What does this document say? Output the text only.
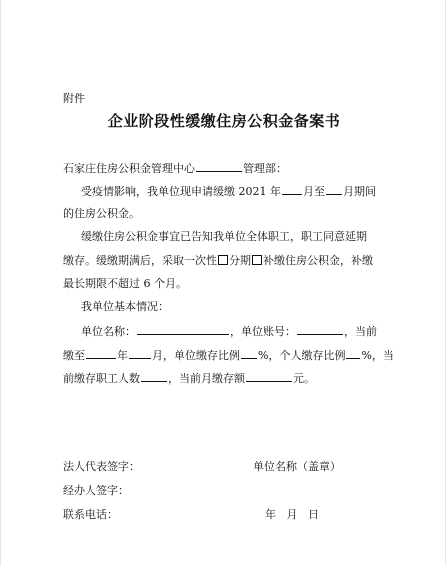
附件
企业阶段性缓缴住房公积金备案书
石家庄住房公积金管理中心	管理部：
受疫情影响，我单位现申请缓缴 2021 年 月至 月期间
的住房公积金。
缓缴住房公积金事宜已告知我单位全体职工，职工同意延期
缴存。缓缴期满后，采取一次性 分期 补缴住房公积金，补缴
最长期限不超过 6 个月。
我单位基本情况：
单位名称：	，单位账号：	，当前
缴至	年 月，单位缴存比例 %，个人缴存比例 %，当
前缴存职工人数	，当前月缴存额	元。
法人代表签字：	单位名称（盖章）
经办人签字：
联系电话：	年   月   日
